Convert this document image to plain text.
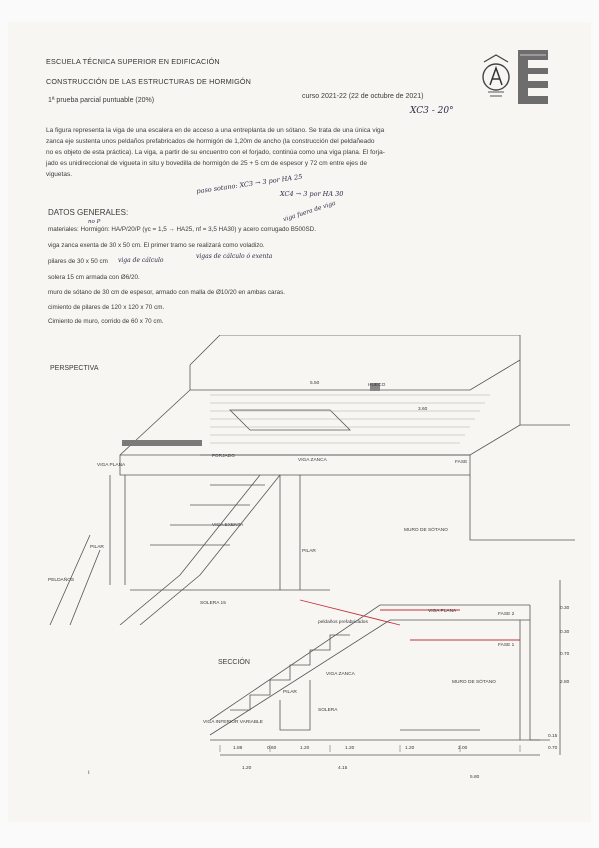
ESCUELA TÉCNICA SUPERIOR EN EDIFICACIÓN
CONSTRUCCIÓN DE LAS ESTRUCTURAS DE HORMIGÓN
1ª prueba parcial puntuable (20%)
curso 2021-22 (22 de octubre de 2021)
XC3 - 20°
La figura representa la viga de una escalera en de acceso a una entreplanta de un sótano. Se trata de una única viga
zanca eje sustenta unos peldaños prefabricados de hormigón de 1,20m de ancho (la construcción del peldañeado
no es objeto de esta práctica). La viga, a partir de su encuentro con el forjado, continúa como una viga plana. El forja-
jado es unidireccional de vigueta in situ y bovedilla de hormigón de 25 + 5 cm de espesor y 72 cm entre ejes de
viguetas.	paso sotano: XC3 → 3 por HA 25
XC4 → 3 por HA 30
viga fuera de viga
DATOS GENERALES:
materiales: Hormigón: HA/P/20/P (γc = 1,5 → HA25, nf = 3,5 HA30) y acero corrugado B500SD.
viga zanca exenta de 30 x 50 cm. El primer tramo se realizará como voladizo.
pilares de 30 x 50 cm
solera 15 cm armada con Ø6/20.
muro de sótano de 30 cm de espesor, armado con malla de Ø10/20 en ambas caras.
cimiento de pilares de 120 x 120 x 70 cm.
Cimiento de muro, corrido de 60 x 70 cm.
no P
vigas de cálculo ó exenta
viga de cálculo
PERSPECTIVA
HUECO
VIGA PLANA
FORJADO
FASE
VIGA ZANCA
VIGA EXENTA
PILAR
PILAR
MURO DE SÓTANO
SOLERA 15
PELDAÑOS
5.50
3.60
SECCIÓN
VIGA PLANA
FASE 2
FASE 1
VIGA ZANCA
PILAR
MURO DE SÓTANO
VIGA INFERIOR VARIABLE
SOLERA
peldaños prefabricados
1.88	0.60	1.20	1.20	1.20	2.00
1.20	4.15
5.80
0.30
0.30
0.70
2.80
0.15
0.70
ı
